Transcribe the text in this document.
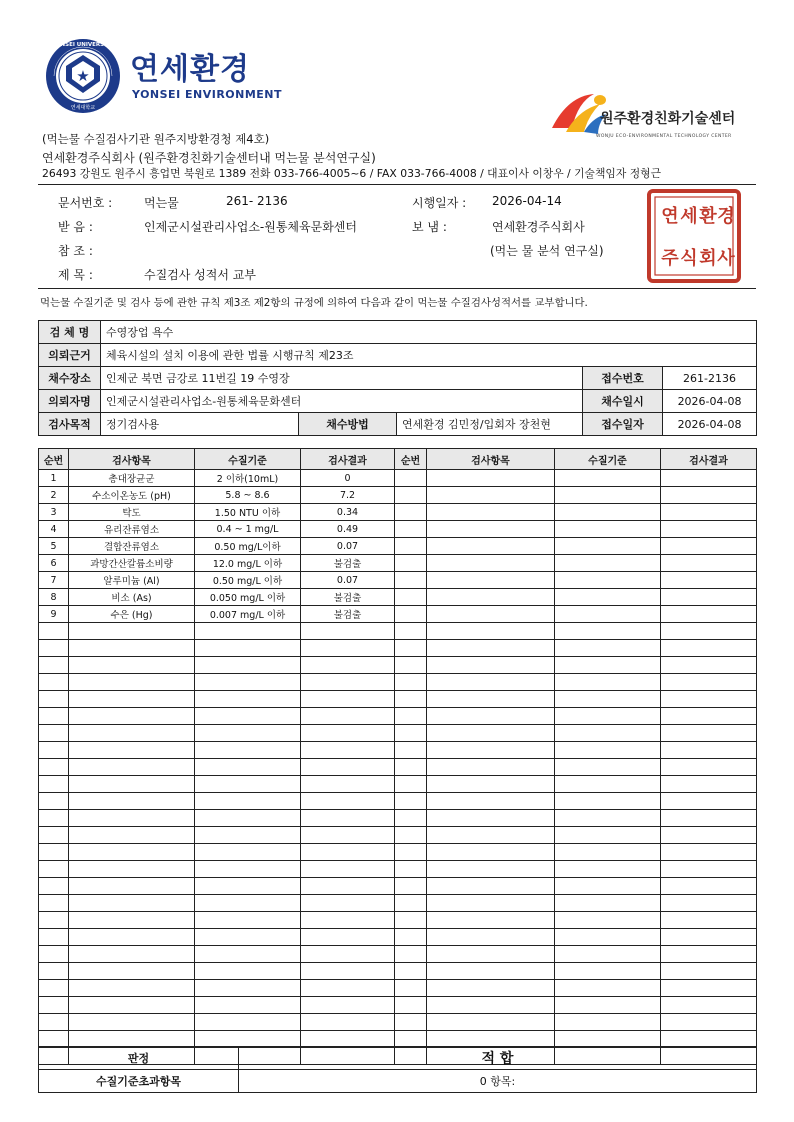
★
YONSEI UNIVERSITY
연세대학교
연세환경
YONSEI ENVIRONMENT
원주환경친화기술센터
WONJU ECO-ENVIRONMENTAL TECHNOLOGY CENTER
(먹는물 수질검사기관 원주지방환경청 제4호)
연세환경주식회사 (원주환경친화기술센터내 먹는물 분석연구실)
26493 강원도 원주시 흥업면 북원로 1389 전화 033-766-4005~6 / FAX 033-766-4008 / 대표이사 이창우 / 기술책임자 정형근
문서번호 :	먹는물	261- 2136	시행일자 : 2026-04-14
받 음 :	인제군시설관리사업소-원통체육문화센터	보 냄 :	연세환경주식회사
참 조 :	(먹는 물 분석 연구실)
제 목 :	수질검사 성적서 교부
연 세 환 경
주 식 회 사
먹는물 수질기준 및 검사 등에 관한 규칙 제3조 제2항의 규정에 의하여 다음과 같이 먹는물 수질검사성적서를 교부합니다.
검 체 명	수영장업 욕수				
의뢰근거	체육시설의 설치 이용에 관한 법률 시행규칙 제23조				
채수장소	인제군 북면 금강로 11번길 19 수영장			접수번호	261-2136
의뢰자명	인제군시설관리사업소-원통체육문화센터			채수일시	2026-04-08
검사목적	정기검사용	채수방법	연세환경 김민정/입회자 장천현	접수일자	2026-04-08
순번	검사항목	수질기준	검사결과	순번	검사항목	수질기준	검사결과
1	총대장균군	2 이하(10mL)	0				
2	수소이온농도 (pH)	5.8 ~ 8.6	7.2				
3	탁도	1.50 NTU 이하	0.34				
4	유리잔류염소	0.4 ~ 1 mg/L	0.49				
5	결합잔류염소	0.50 mg/L이하	0.07				
6	과망간산칼륨소비량	12.0 mg/L 이하	불검출				
7	알루미늄 (Al)	0.50 mg/L 이하	0.07				
8	비소 (As)	0.050 mg/L 이하	불검출				
9	수은 (Hg)	0.007 mg/L 이하	불검출				

판정	적 합
수질기준초과항목	0 항목:
